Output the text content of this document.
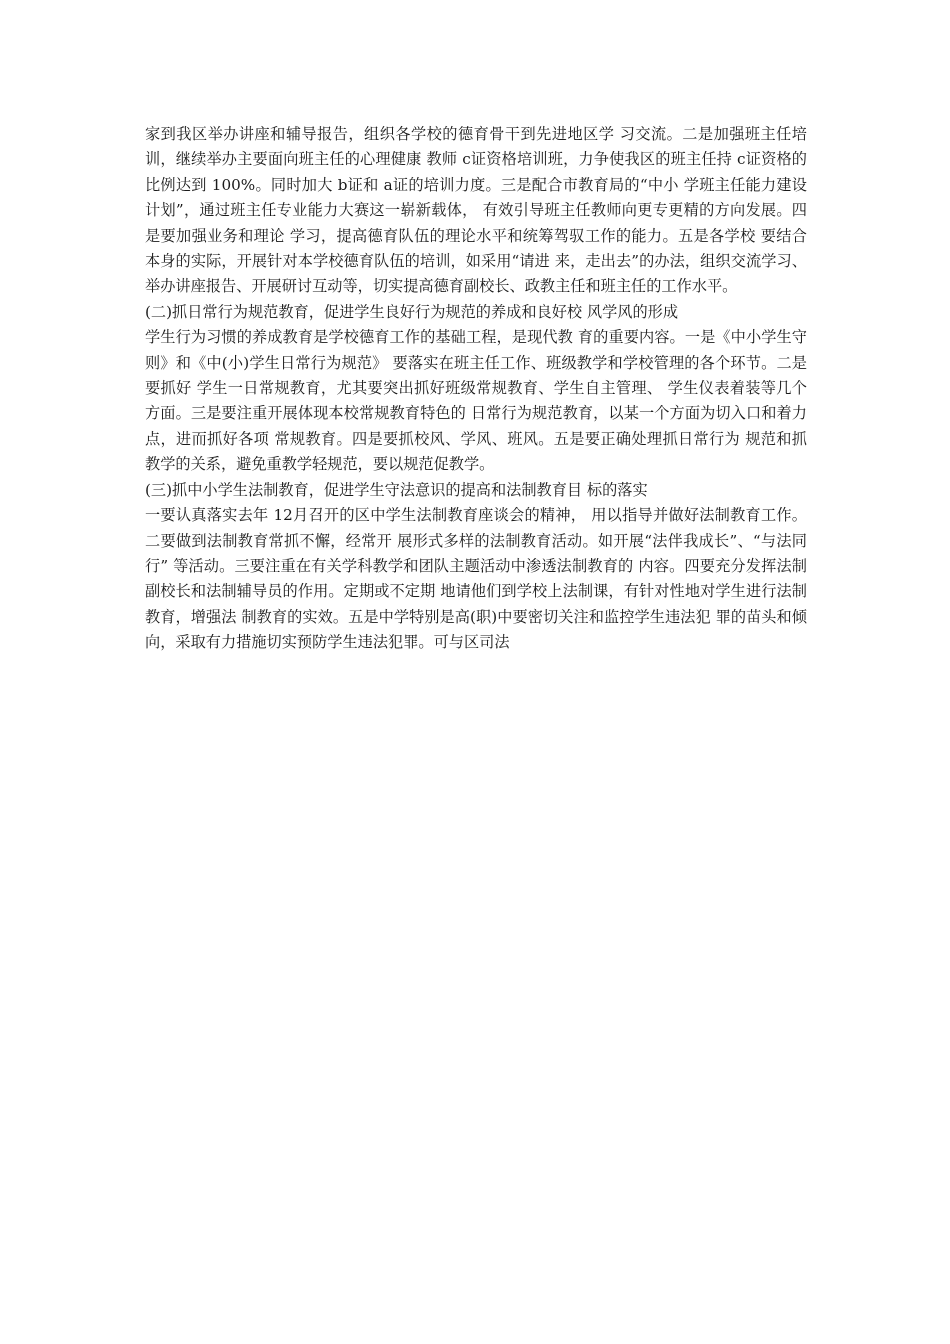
家到我区举办讲座和辅导报告，组织各学校的德育骨干到先进地区学 习交流。二是加强班主任培训，继续举办主要面向班主任的心理健康 教师 c证资格培训班，力争使我区的班主任持 c证资格的比例达到 100%。同时加大 b证和 a证的培训力度。三是配合市教育局的“中小 学班主任能力建设计划”，通过班主任专业能力大赛这一崭新载体， 有效引导班主任教师向更专更精的方向发展。四是要加强业务和理论 学习，提高德育队伍的理论水平和统筹驾驭工作的能力。五是各学校 要结合本身的实际，开展针对本学校德育队伍的培训，如采用“请进 来，走出去”的办法，组织交流学习、举办讲座报告、开展研讨互动等，切实提高德育副校长、政教主任和班主任的工作水平。

(二)抓日常行为规范教育，促进学生良好行为规范的养成和良好校 风学风的形成

学生行为习惯的养成教育是学校德育工作的基础工程，是现代教 育的重要内容。一是《中小学生守则》和《中(小)学生日常行为规范》 要落实在班主任工作、班级教学和学校管理的各个环节。二是要抓好 学生一日常规教育，尤其要突出抓好班级常规教育、学生自主管理、 学生仪表着装等几个方面。三是要注重开展体现本校常规教育特色的 日常行为规范教育，以某一个方面为切入口和着力点，进而抓好各项 常规教育。四是要抓校风、学风、班风。五是要正确处理抓日常行为 规范和抓教学的关系，避免重教学轻规范，要以规范促教学。

(三)抓中小学生法制教育，促进学生守法意识的提高和法制教育目 标的落实

一要认真落实去年 12月召开的区中学生法制教育座谈会的精神， 用以指导并做好法制教育工作。二要做到法制教育常抓不懈，经常开 展形式多样的法制教育活动。如开展“法伴我成长”、“与法同行” 等活动。三要注重在有关学科教学和团队主题活动中渗透法制教育的 内容。四要充分发挥法制副校长和法制辅导员的作用。定期或不定期 地请他们到学校上法制课，有针对性地对学生进行法制教育，增强法 制教育的实效。五是中学特别是高(职)中要密切关注和监控学生违法犯 罪的苗头和倾向，采取有力措施切实预防学生违法犯罪。可与区司法
